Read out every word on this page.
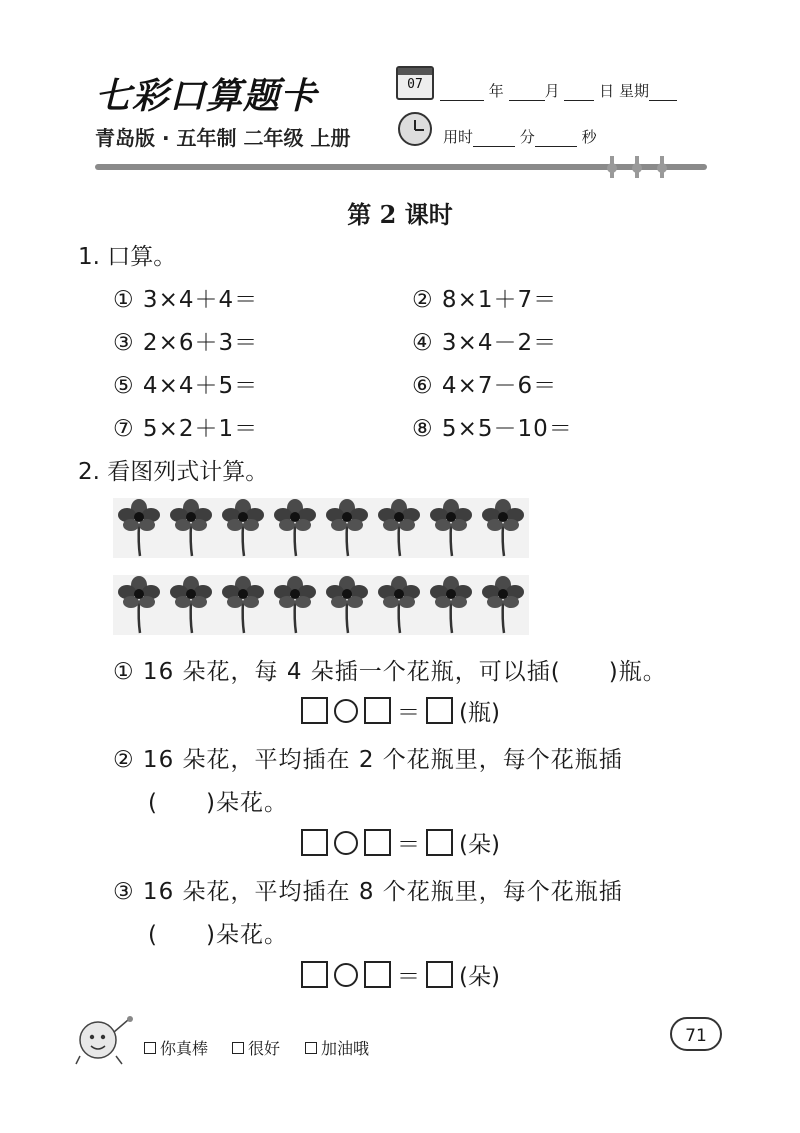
七彩口算题卡
青岛版 · 五年制 二年级 上册
07	年	月	日 星期
用时	分	秒
第 2 课时
1. 口算。
① 3×4＋4＝	② 8×1＋7＝
③ 2×6＋3＝	④ 3×4－2＝
⑤ 4×4＋5＝	⑥ 4×7－6＝
⑦ 5×2＋1＝	⑧ 5×5－10＝
2. 看图列式计算。
① 16 朵花，每 4 朵插一个花瓶，可以插(　　)瓶。
＝ (瓶)
② 16 朵花，平均插在 2 个花瓶里，每个花瓶插
(　　)朵花。
＝ (朵)
③ 16 朵花，平均插在 8 个花瓶里，每个花瓶插
(　　)朵花。
＝ (朵)
你真棒 很好	加油哦
71
